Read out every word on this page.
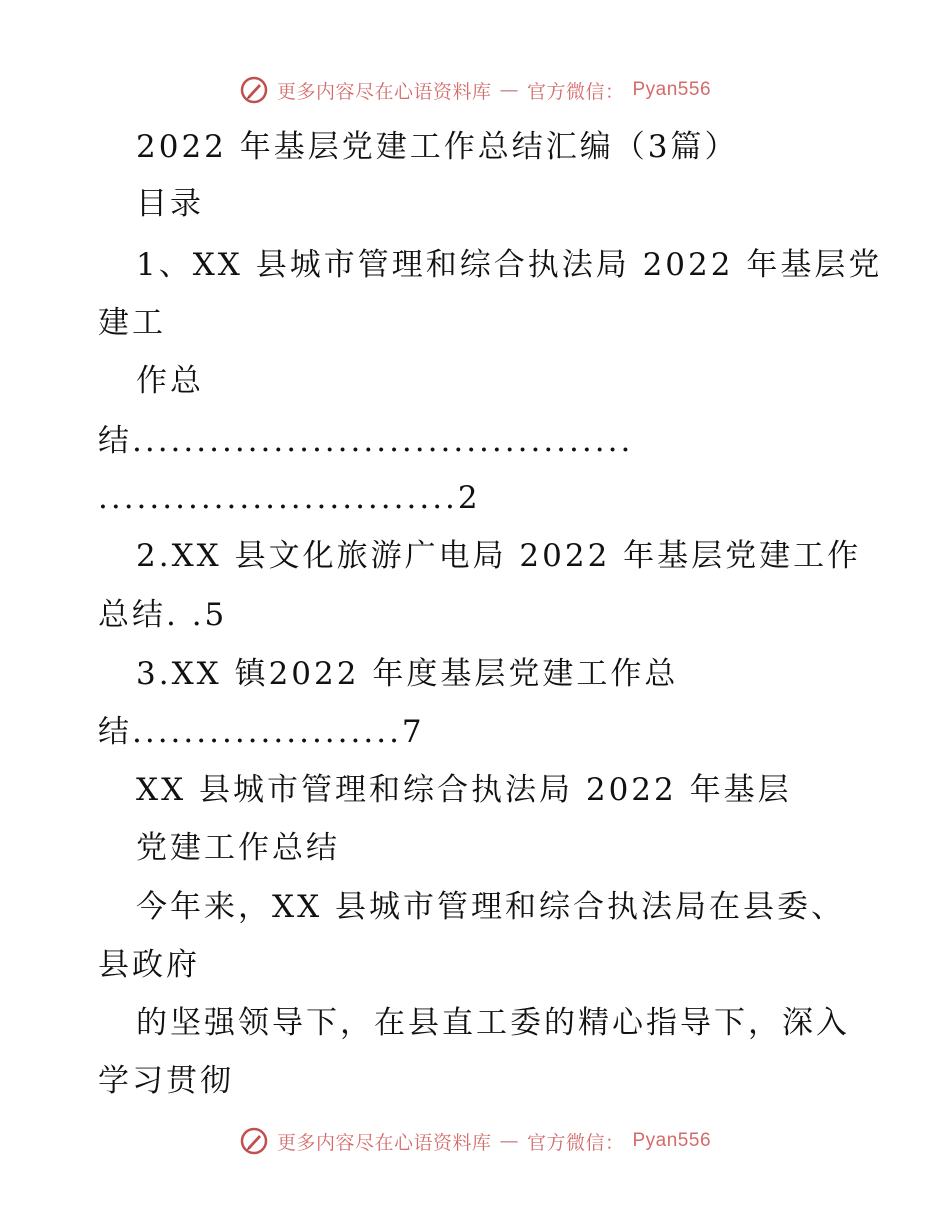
更多内容尽在心语资料库 — 官方微信： Pyan556
2022 年基层党建工作总结汇编（3篇）
目录
1、XX 县城市管理和综合执法局 2022 年基层党
建工
作总
结.......................................
............................2
2.XX 县文化旅游广电局 2022 年基层党建工作
总结. .5
3.XX 镇2022 年度基层党建工作总
结.....................7
XX 县城市管理和综合执法局 2022 年基层
党建工作总结
今年来，XX 县城市管理和综合执法局在县委、
县政府
的坚强领导下，在县直工委的精心指导下，深入
学习贯彻
更多内容尽在心语资料库 — 官方微信： Pyan556
